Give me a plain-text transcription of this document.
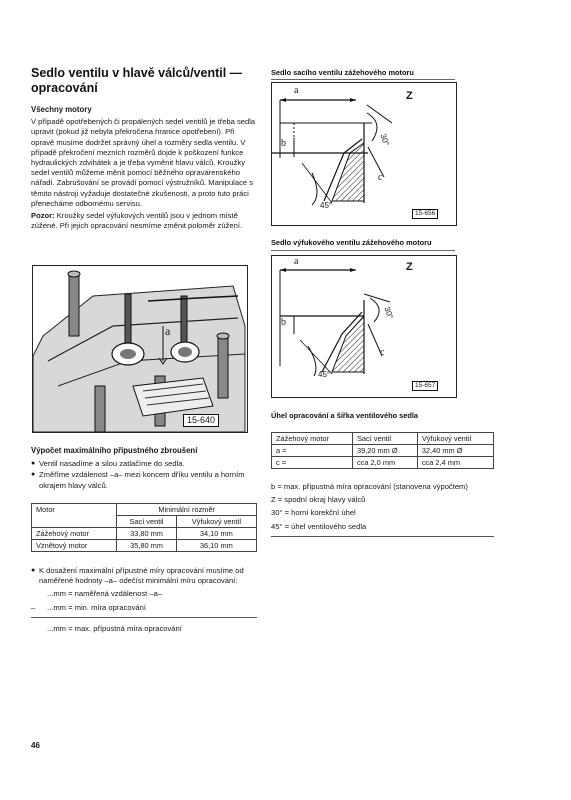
Sedlo ventilu v hlavě válců/ventil — opracování

Všechny motory

V případě opotřebených či propálených sedel ventilů je třeba sedla upravit (pokud již nebyla překročena hranice opotřebení). Při opravě musíme dodržet správný úhel a rozměry sedla ventilu. V případě překročení mezních rozměrů dojde k poškození funkce hydraulických zdvihátek a je třeba vyměnit hlavu válců. Kroužky sedel ventilů můžeme měnit pomocí běžného opravárenského nářadí. Zabrušování se provádí pomocí výstružníků. Manipulace s těmito nástroji vyžaduje dostatečné zkušenosti, a proto tuto práci přenecháme odbornému servisu.

Pozor: Kroužky sedel výfukových ventilů jsou v jednom místě zúžené. Při jejich opracování nesmíme změnit poloměr zúžení.

a
15-640

Výpočet maximálního přípustného zbroušení

● Ventil nasadíme a silou zatlačíme do sedla.
● Změříme vzdálenost –a– mezi koncem dříku ventilu a horním okrajem hlavy válců.
Motor	Minimální rozměr	
	Sací ventil	Výfukový ventil
Zážehový motor	33,80 mm	34,10 mm
Vznětový motor	35,80 mm	36,10 mm
● K dosažení maximální přípustné míry opracování musíme od naměřené hodnoty –a– odečíst minimální míru opracování:
...mm = naměřená vzdálenost –a–
–	...mm = min. míra opracování
...mm = max. přípustná míra opracování
Sedlo sacího ventilu zážehového motoru
a	Z
b
c
30°
45°
15-656
Sedlo výfukového ventilu zážehového motoru
a	Z
b
c
30°
45°
15-657
Úhel opracování a šířka ventilového sedla
Zážehový motor	Sací ventil	Výfukový ventil
a =	39,20 mm Ø	32,40 mm Ø
c =	cca 2,0 mm	cca 2,4 mm

b = max. přípustná míra opracování (stanovena výpočtem)

Z = spodní okraj hlavy válců

30° = horní korekční úhel

45° = úhel ventilového sedla

46
